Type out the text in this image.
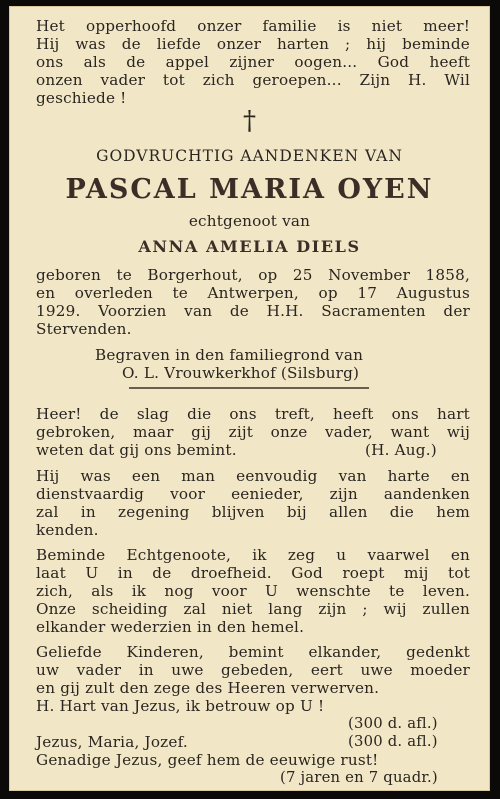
Het opperhoofd onzer familie is niet meer!
Hij was de liefde onzer harten ; hij beminde
ons als de appel zijner oogen... God heeft
onzen vader tot zich geroepen... Zijn H. Wil
geschiede !
†
GODVRUCHTIG AANDENKEN VAN
PASCAL MARIA OYEN
echtgenoot van
ANNA AMELIA DIELS
geboren te Borgerhout, op 25 November 1858,
en overleden te Antwerpen, op 17 Augustus
1929. Voorzien van de H.H. Sacramenten der
Stervenden.
Begraven in den familiegrond van
O. L. Vrouwkerkhof (Silsburg)
Heer! de slag die ons treft, heeft ons hart
gebroken, maar gij zijt onze vader, want wij
weten dat gij ons bemint.	(H. Aug.)
Hij was een man eenvoudig van harte en
dienstvaardig voor eenieder, zijn aandenken
zal in zegening blijven bij allen die hem
kenden.
Beminde Echtgenoote, ik zeg u vaarwel en
laat U in de droefheid. God roept mij tot
zich, als ik nog voor U wenschte te leven.
Onze scheiding zal niet lang zijn ; wij zullen
elkander wederzien in den hemel.
Geliefde Kinderen, bemint elkander, gedenkt
uw vader in uwe gebeden, eert uwe moeder
en gij zult den zege des Heeren verwerven.
H. Hart van Jezus, ik betrouw op U !
(300 d. afl.)
Jezus, Maria, Jozef.	(300 d. afl.)
Genadige Jezus, geef hem de eeuwige rust!
(7 jaren en 7 quadr.)
